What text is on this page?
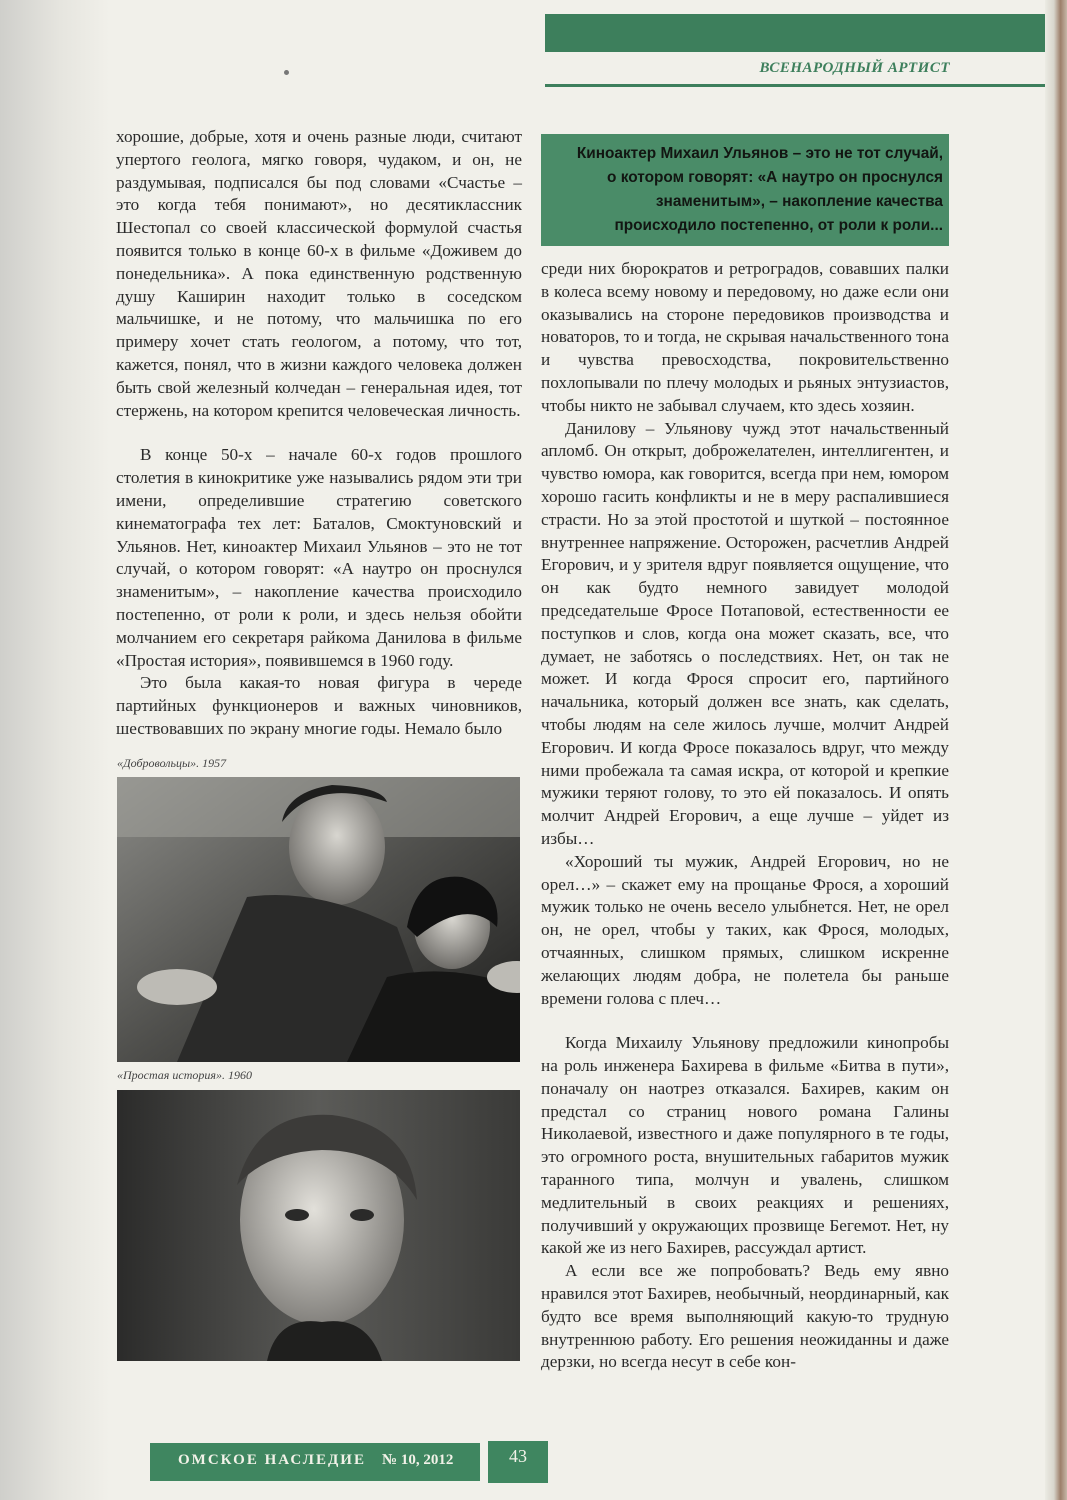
ВСЕНАРОДНЫЙ АРТИСТ

хорошие, добрые, хотя и очень разные люди, считают упертого геолога, мягко говоря, чудаком, и он, не раздумывая, подписался бы под словами «Счастье – это когда тебя понимают», но десятиклассник Шестопал со своей классической формулой счастья появится только в конце 60-х в фильме «Доживем до понедельника». А пока единственную родственную душу Каширин находит только в соседском мальчишке, и не потому, что мальчишка по его примеру хочет стать геологом, а потому, что тот, кажется, понял, что в жизни каждого человека должен быть свой железный колчедан – генеральная идея, тот стержень, на котором крепится человеческая личность.

В конце 50-х – начале 60-х годов прошлого столетия в кинокритике уже назывались рядом эти три имени, определившие стратегию советского кинематографа тех лет: Баталов, Смоктуновский и Ульянов. Нет, киноактер Михаил Ульянов – это не тот случай, о котором говорят: «А наутро он проснулся знаменитым», – накопление качества происходило постепенно, от роли к роли, и здесь нельзя обойти молчанием его секретаря райкома Данилова в фильме «Простая история», появившемся в 1960 году.

Это была какая-то новая фигура в череде партийных функционеров и важных чиновников, шествовавших по экрану многие годы. Немало было

«Добровольцы». 1957
«Простая история». 1960
Киноактер Михаил Ульянов – это не тот случай,
о котором говорят: «А наутро он проснулся
знаменитым», – накопление качества
происходило постепенно, от роли к роли...

среди них бюрократов и ретроградов, совавших палки в колеса всему новому и передовому, но даже если они оказывались на стороне передовиков производства и новаторов, то и тогда, не скрывая начальственного тона и чувства превосходства, покровительственно похлопывали по плечу молодых и рьяных энтузиастов, чтобы никто не забывал случаем, кто здесь хозяин.

Данилову – Ульянову чужд этот начальственный апломб. Он открыт, доброжелателен, интеллигентен, и чувство юмора, как говорится, всегда при нем, юмором хорошо гасить конфликты и не в меру распалившиеся страсти. Но за этой простотой и шуткой – постоянное внутреннее напряжение. Осторожен, расчетлив Андрей Егорович, и у зрителя вдруг появляется ощущение, что он как будто немного завидует молодой председательше Фросе Потаповой, естественности ее поступков и слов, когда она может сказать, все, что думает, не заботясь о последствиях. Нет, он так не может. И когда Фрося спросит его, партийного начальника, который должен все знать, как сделать, чтобы людям на селе жилось лучше, молчит Андрей Егорович. И когда Фросе показалось вдруг, что между ними пробежала та самая искра, от которой и крепкие мужики теряют голову, то это ей показалось. И опять молчит Андрей Егорович, а еще лучше – уйдет из избы…

«Хороший ты мужик, Андрей Егорович, но не орел…» – скажет ему на прощанье Фрося, а хороший мужик только не очень весело улыбнется. Нет, не орел он, не орел, чтобы у таких, как Фрося, молодых, отчаянных, слишком прямых, слишком искренне желающих людям добра, не полетела бы раньше времени голова с плеч…

Когда Михаилу Ульянову предложили кинопробы на роль инженера Бахирева в фильме «Битва в пути», поначалу он наотрез отказался. Бахирев, каким он предстал со страниц нового романа Галины Николаевой, известного и даже популярного в те годы, это огромного роста, внушительных габаритов мужик таранного типа, молчун и увалень, слишком медлительный в своих реакциях и решениях, получивший у окружающих прозвище Бегемот. Нет, ну какой же из него Бахирев, рассуждал артист.

А если все же попробовать? Ведь ему явно нравился этот Бахирев, необычный, неординарный, как будто все время выполняющий какую-то трудную внутреннюю работу. Его решения неожиданны и даже дерзки, но всегда несут в себе кон-

ОМСКОЕ НАСЛЕДИЕ № 10, 2012	43
